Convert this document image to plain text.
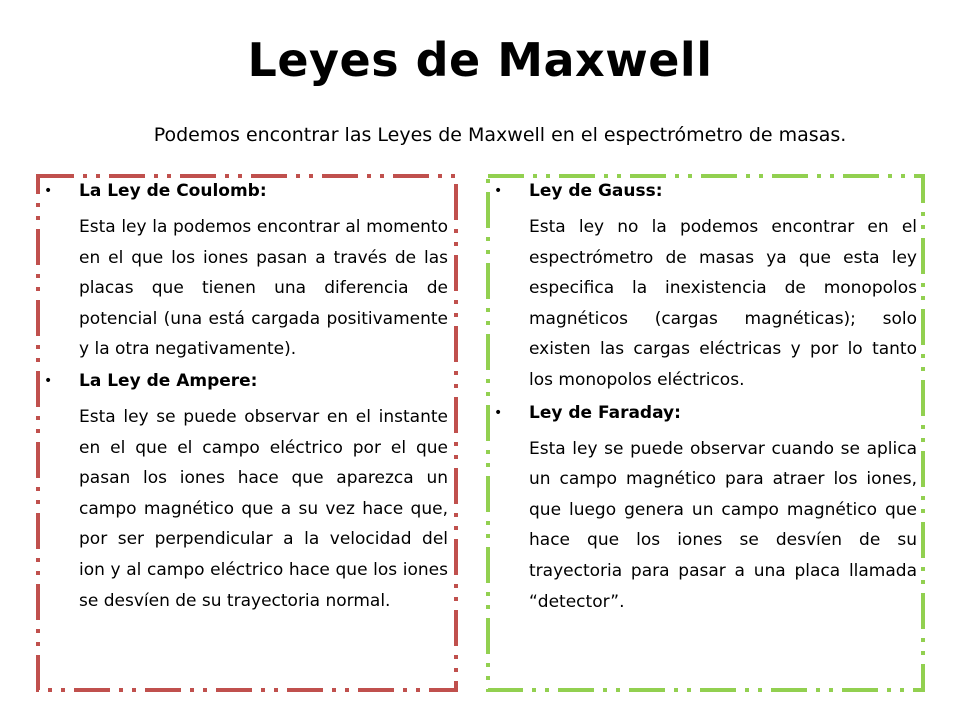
Leyes de Maxwell
Podemos encontrar las Leyes de Maxwell en el espectrómetro de masas.
• La Ley de Coulomb:
Esta ley la podemos encontrar al momento en el que los iones pasan a través de las placas que tienen una diferencia de potencial (una está cargada positivamente y la otra negativamente).
• La Ley de Ampere:
Esta ley se puede observar en el instante en el que el campo eléctrico por el que pasan los iones hace que aparezca un campo magnético que a su vez hace que, por ser perpendicular a la velocidad del ion y al campo eléctrico hace que los iones se desvíen de su trayectoria normal.
• Ley de Gauss:
Esta ley no la podemos encontrar en el espectrómetro de masas ya que esta ley especifica la inexistencia de monopolos magnéticos (cargas magnéticas); solo existen las cargas eléctricas y por lo tanto los monopolos eléctricos.
• Ley de Faraday:
Esta ley se puede observar cuando se aplica un campo magnético para atraer los iones, que luego genera un campo magnético que hace que los iones se desvíen de su trayectoria para pasar a una placa llamada “detector”.
